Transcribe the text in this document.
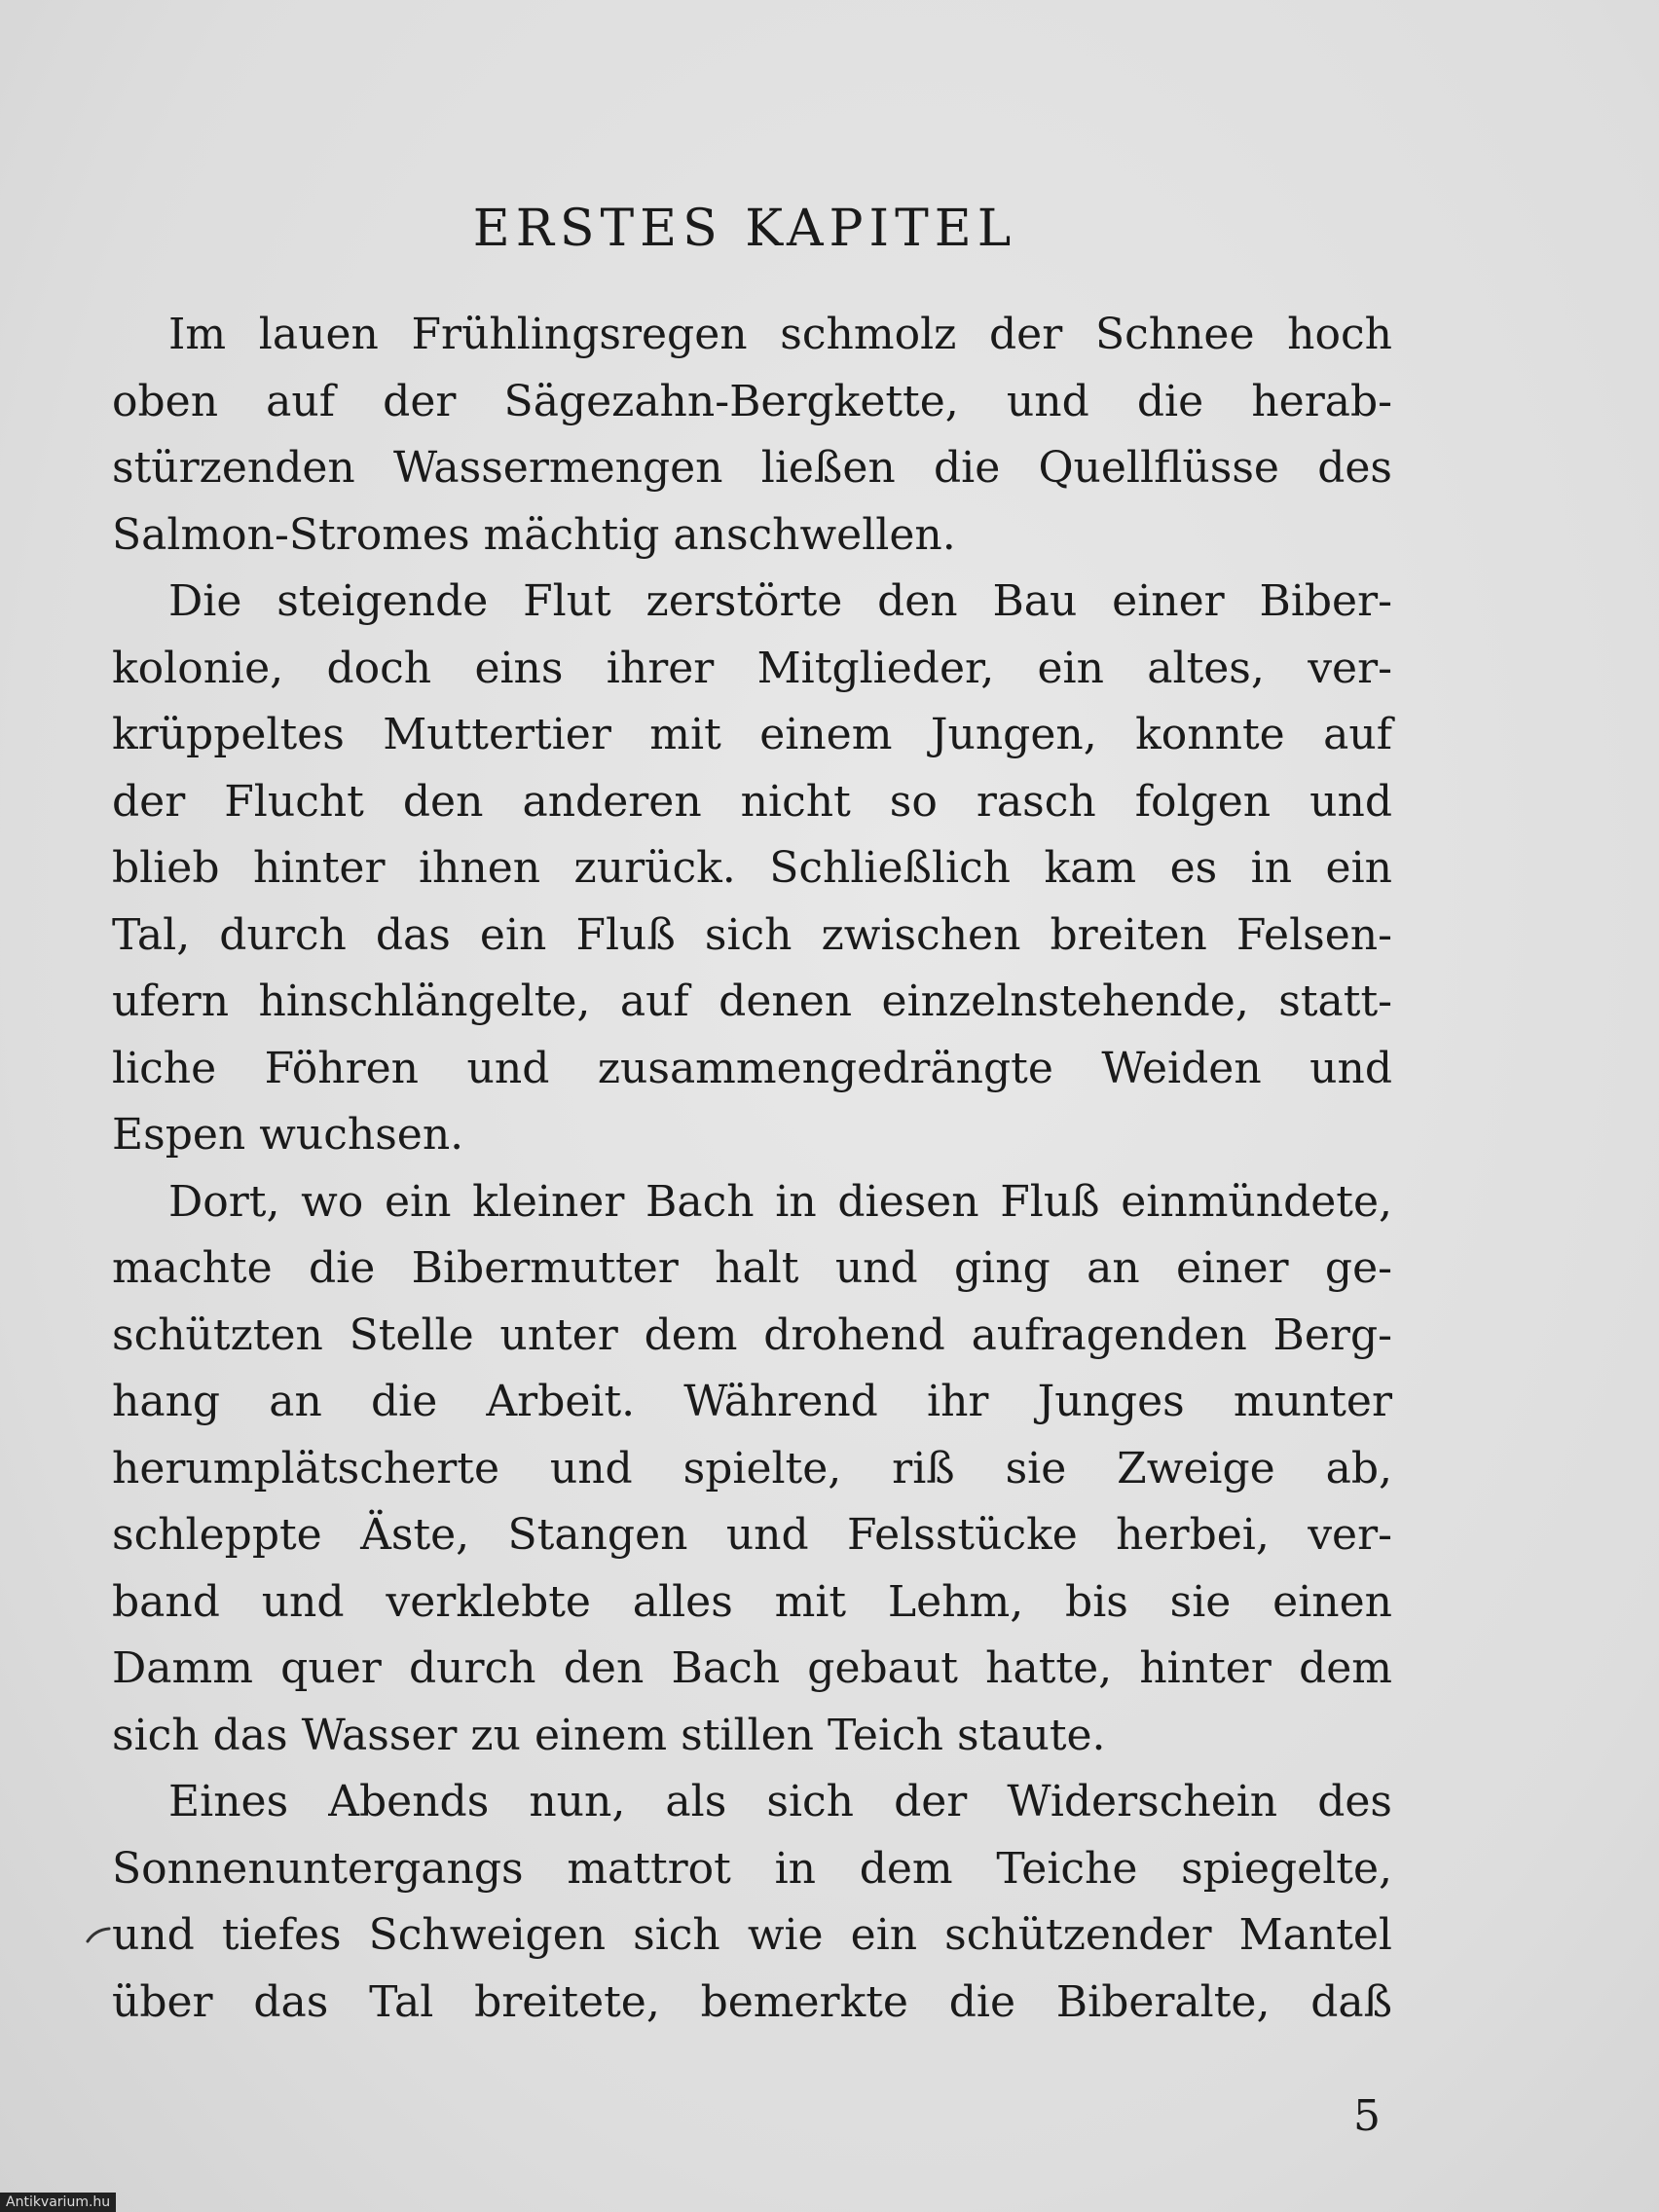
ERSTES KAPITEL
Im lauen Frühlingsregen schmolz der Schnee hoch
oben auf der Sägezahn-Bergkette, und die herab-
stürzenden Wassermengen ließen die Quellflüsse des
Salmon-Stromes mächtig anschwellen.
Die steigende Flut zerstörte den Bau einer Biber-
kolonie, doch eins ihrer Mitglieder, ein altes, ver-
krüppeltes Muttertier mit einem Jungen, konnte auf
der Flucht den anderen nicht so rasch folgen und
blieb hinter ihnen zurück. Schließlich kam es in ein
Tal, durch das ein Fluß sich zwischen breiten Felsen-
ufern hinschlängelte, auf denen einzelnstehende, statt-
liche Föhren und zusammengedrängte Weiden und
Espen wuchsen.
Dort, wo ein kleiner Bach in diesen Fluß einmündete,
machte die Bibermutter halt und ging an einer ge-
schützten Stelle unter dem drohend aufragenden Berg-
hang an die Arbeit. Während ihr Junges munter
herumplätscherte und spielte, riß sie Zweige ab,
schleppte Äste, Stangen und Felsstücke herbei, ver-
band und verklebte alles mit Lehm, bis sie einen
Damm quer durch den Bach gebaut hatte, hinter dem
sich das Wasser zu einem stillen Teich staute.
Eines Abends nun, als sich der Widerschein des
Sonnenuntergangs mattrot in dem Teiche spiegelte,
und tiefes Schweigen sich wie ein schützender Mantel
über das Tal breitete, bemerkte die Biberalte, daß
5
Antikvarium.hu
